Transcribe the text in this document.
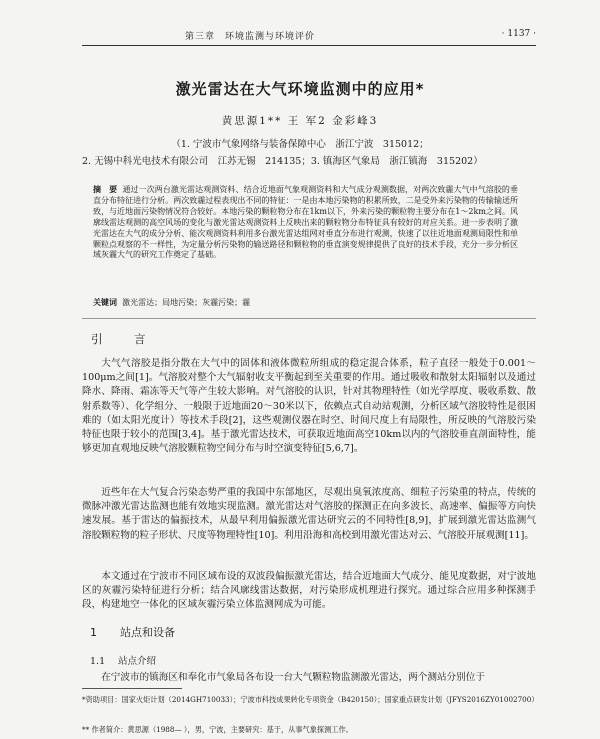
第三章　环境监测与环境评价	· 1137 ·
激光雷达在大气环境监测中的应用*
黄思源1** 王 军2 金彩峰3
（1. 宁波市气象网络与装备保障中心　浙江宁波　315012；
2. 无锡中科光电技术有限公司　江苏无锡　214135；3. 镇海区气象局　浙江镇海　315202）
摘　要 通过一次两台激光雷达观测资料、结合近地面气象观测资料和大气成分观测数据，对两次致霾大气中气溶胶的垂直分布特征进行分析。两次致霾过程表现出不同的特征：一是由本地污染物的积累所致，二是受外来污染物的传输输送所致，与近地面污染物情况符合较好。本地污染的颗粒物分布在1km以下，外来污染的颗粒物主要分布在1～2km之间。风廓线雷达观测的高空风场的变化与激光雷达观测资料上反映出来的颗粒物分布特征具有较好的对应关系。进一步表明了激光雷达在大气的成分分析、能次观测资料利用多台激光雷达组网对垂直分布进行观测，快速了以往近地面观测局限性和单颗粒点观察的不一样性，为定量分析污染物的输送路径和颗粒物的垂直演变规律提供了良好的技术手段，充分一步分析区域灰霾大气的研究工作奠定了基础。
关键词 激光雷达；局地污染；灰霾污染；霾
引　言

大气气溶胶是指分散在大气中的固体和液体微粒所组成的稳定混合体系，粒子直径一般处于0.001～100μm之间[1]。气溶胶对整个大气辐射收支平衡起到至关重要的作用。通过吸收和散射太阳辐射以及通过降水、降雨、霜冻等天气等产生较大影响。对气溶胶的认识，针对其物理特性（如光学厚度、吸收系数、散射系数等）、化学组分、一般限于近地面20～30米以下，依赖点式自动站观测，分析区域气溶胶特性是很困难的（如太阳光度计）等技术手段[2]，这些观测仪器在时空、时间尺度上有局限性，所反映的气溶胶污染特征也限于较小的范围[3,4]。基于激光雷达技术，可获取近地面高空10km以内的气溶胶垂直剖面特性，能够更加直观地反映气溶胶颗粒物空间分布与时空演变特征[5,6,7]。

近些年在大气复合污染态势严重的我国中东部地区，尽观出臭氧浓度高、细粒子污染重的特点，传统的微脉冲激光雷达监测也能有效地实现监测。激光雷达对气溶胶的探测正在向多波长、高速率、偏振等方向快速发展。基于雷达的偏振技术，从最早利用偏振激光雷达研究云的不同特性[8,9]，扩展到激光雷达监测气溶胶颗粒物的粒子形状、尺度等物理特性[10]。利用沿海和高校到用激光雷达对云、气溶胶开展观测[11]。

本文通过在宁波市不同区域布设的双波段偏振激光雷达，结合近地面大气成分、能见度数据，对宁波地区的灰霾污染特征进行分析；结合风廓线雷达数据，对污染形成机理进行探究。通过综合应用多种探测手段，构建地空一体化的区域灰霾污染立体监测网成为可能。

1 站点和设备
1.1 站点介绍

在宁波市的镇海区和奉化市气象局各布设一台大气颗粒物监测激光雷达，两个测站分别位于

*资助项目：国家火炬计划（2014GH710033）；宁波市科技成果转化专项资金（B420150）；国家重点研发计划（JFYS2016ZY01002700）

** 作者简介：黄思源（1988— ），男，宁波，主要研究：基于，从事气象探测工作。
